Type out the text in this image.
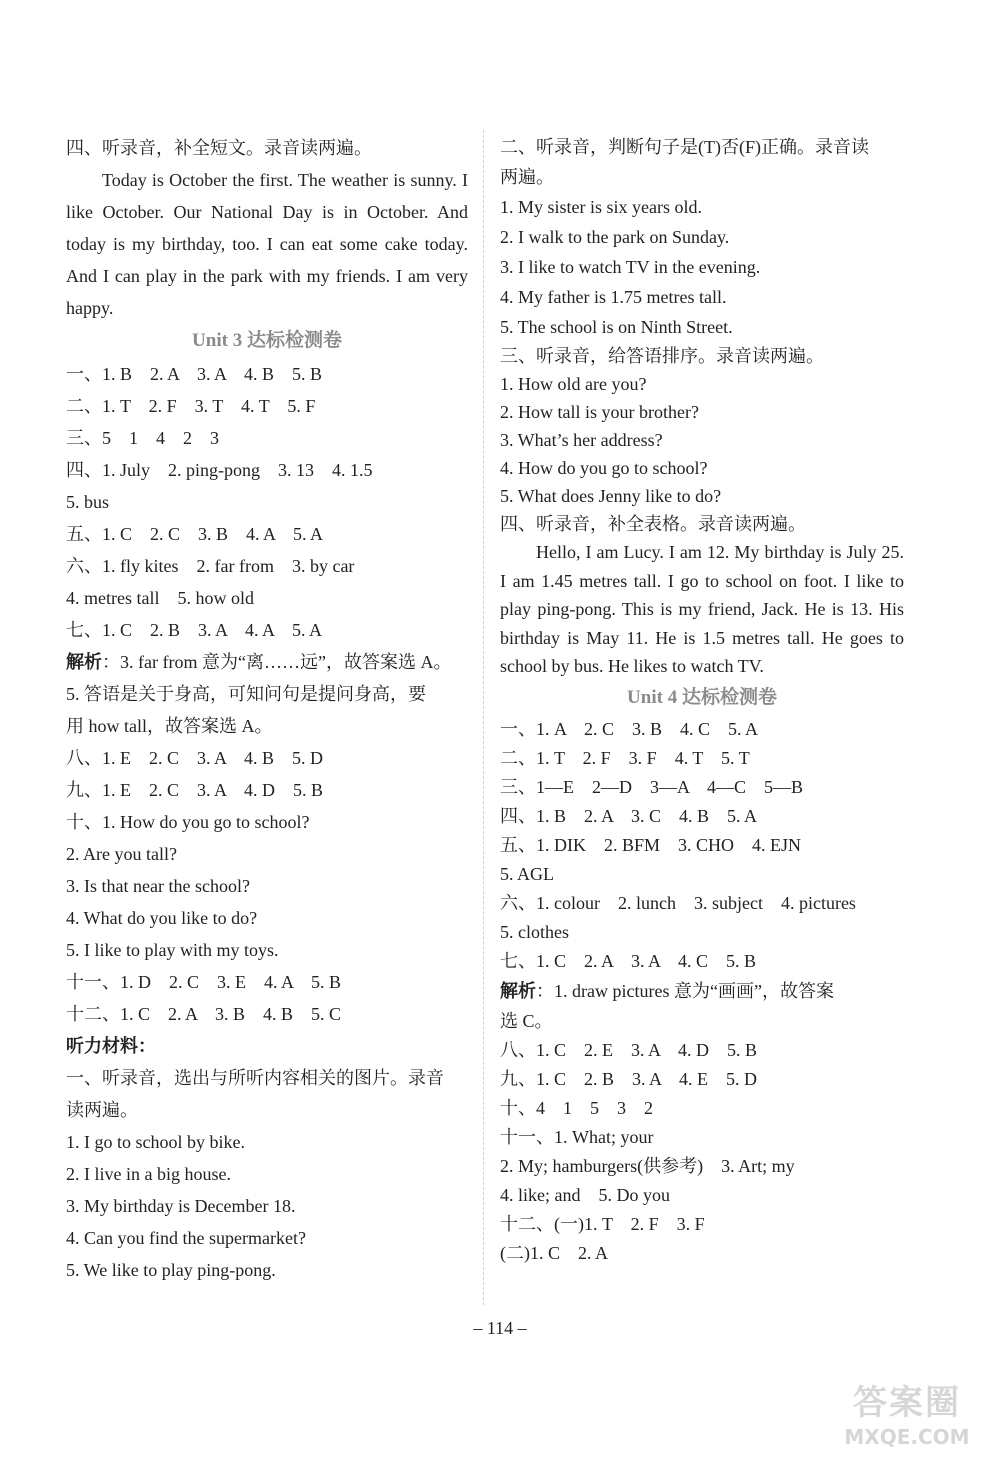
四、听录音，补全短文。录音读两遍。
Today is October the first. The weather is sunny. I like October. Our National Day is in October. And today is my birthday, too. I can eat some cake today. And I can play in the park with my friends. I am very happy.
Unit 3 达标检测卷
一、1. B　2. A　3. A　4. B　5. B
二、1. T　2. F　3. T　4. T　5. F
三、5　1　4　2　3
四、1. July　2. ping-pong　3. 13　4. 1.5
5. bus
五、1. C　2. C　3. B　4. A　5. A
六、1. fly kites　2. far from　3. by car
4. metres tall　5. how old
七、1. C　2. B　3. A　4. A　5. A
解析：3. far from 意为“离……远”，故答案选 A。
5. 答语是关于身高，可知问句是提问身高，要
用 how tall，故答案选 A。
八、1. E　2. C　3. A　4. B　5. D
九、1. E　2. C　3. A　4. D　5. B
十、1. How do you go to school?
2. Are you tall?
3. Is that near the school?
4. What do you like to do?
5. I like to play with my toys.
十一、1. D　2. C　3. E　4. A　5. B
十二、1. C　2. A　3. B　4. B　5. C
听力材料：
一、听录音，选出与所听内容相关的图片。录音
读两遍。
1. I go to school by bike.
2. I live in a big house.
3. My birthday is December 18.
4. Can you find the supermarket?
5. We like to play ping-pong.
二、听录音，判断句子是(T)否(F)正确。录音读
两遍。
1. My sister is six years old.
2. I walk to the park on Sunday.
3. I like to watch TV in the evening.
4. My father is 1.75 metres tall.
5. The school is on Ninth Street.
三、听录音，给答语排序。录音读两遍。
1. How old are you?
2. How tall is your brother?
3. What’s her address?
4. How do you go to school?
5. What does Jenny like to do?
四、听录音，补全表格。录音读两遍。
Hello, I am Lucy. I am 12. My birthday is July 25. I am 1.45 metres tall. I go to school on foot. I like to play ping-pong. This is my friend, Jack. He is 13. His birthday is May 11. He is 1.5 metres tall. He goes to school by bus. He likes to watch TV.
Unit 4 达标检测卷
一、1. A　2. C　3. B　4. C　5. A
二、1. T　2. F　3. F　4. T　5. T
三、1—E　2—D　3—A　4—C　5—B
四、1. B　2. A　3. C　4. B　5. A
五、1. DIK　2. BFM　3. CHO　4. EJN
5. AGL
六、1. colour　2. lunch　3. subject　4. pictures
5. clothes
七、1. C　2. A　3. A　4. C　5. B
解析：1. draw pictures 意为“画画”，故答案
选 C。
八、1. C　2. E　3. A　4. D　5. B
九、1. C　2. B　3. A　4. E　5. D
十、4　1　5　3　2
十一、1. What; your
2. My; hamburgers(供参考)　3. Art; my
4. like; and　5. Do you
十二、(一)1. T　2. F　3. F
(二)1. C　2. A
– 114 –
答案圈
MXQE.COM
